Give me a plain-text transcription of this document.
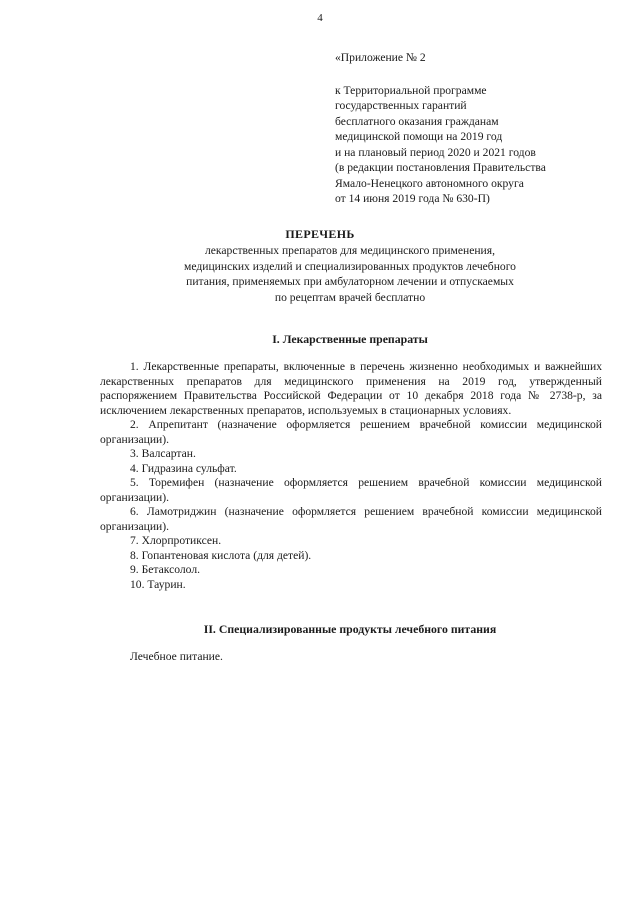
4
«Приложение № 2
к Территориальной программе
государственных гарантий
бесплатного оказания гражданам
медицинской помощи на 2019 год
и на плановый период 2020 и 2021 годов
(в редакции постановления Правительства
Ямало-Ненецкого автономного округа
от 14 июня 2019 года № 630-П)
ПЕРЕЧЕНЬ
лекарственных препаратов для медицинского применения,
медицинских изделий и специализированных продуктов лечебного
питания, применяемых при амбулаторном лечении и отпускаемых
по рецептам врачей бесплатно
I. Лекарственные препараты
1. Лекарственные препараты, включенные в перечень жизненно необходимых и важнейших лекарственных препаратов для медицинского применения на 2019 год, утвержденный распоряжением Правительства Российской Федерации от 10 декабря 2018 года № 2738-р, за исключением лекарственных препаратов, используемых в стационарных условиях.
2. Апрепитант (назначение оформляется решением врачебной комиссии медицинской организации).
3. Валсартан.
4. Гидразина сульфат.
5. Торемифен (назначение оформляется решением врачебной комиссии медицинской организации).
6. Ламотриджин (назначение оформляется решением врачебной комиссии медицинской организации).
7. Хлорпротиксен.
8. Гопантеновая кислота (для детей).
9. Бетаксолол.
10. Таурин.
II. Специализированные продукты лечебного питания
Лечебное питание.
